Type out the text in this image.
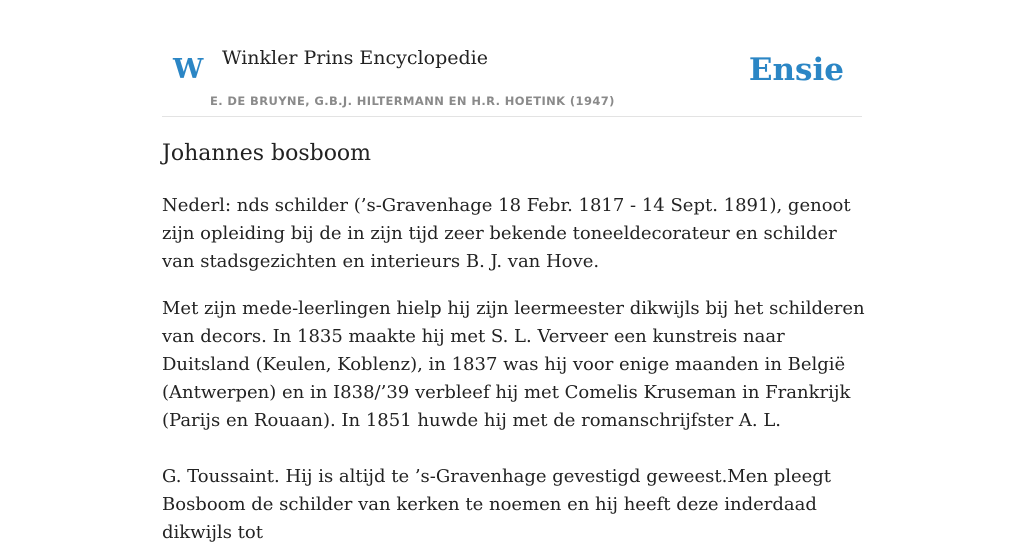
W Winkler Prins Encyclopedie
E. DE BRUYNE, G.B.J. HILTERMANN EN H.R. HOETINK (1947)
Ensie
Johannes bosboom

Nederl: nds schilder (’s-Gravenhage 18 Febr. 1817 - 14 Sept. 1891), genoot zijn opleiding bij de in zijn tijd zeer bekende toneeldecorateur en schilder van stadsgezichten en interieurs B. J. van Hove.

Met zijn mede-leerlingen hielp hij zijn leermeester dikwijls bij het schilderen van decors. In 1835 maakte hij met S. L. Verveer een kunstreis naar Duitsland (Keulen, Koblenz), in 1837 was hij voor enige maanden in België (Antwerpen) en in I838/’39 verbleef hij met Comelis Kruseman in Frankrijk (Parijs en Rouaan). In 1851 huwde hij met de romanschrijfster A. L.

G. Toussaint. Hij is altijd te ’s-Gravenhage gevestigd geweest.Men pleegt Bosboom de schilder van kerken te noemen en hij heeft deze inderdaad dikwijls tot
